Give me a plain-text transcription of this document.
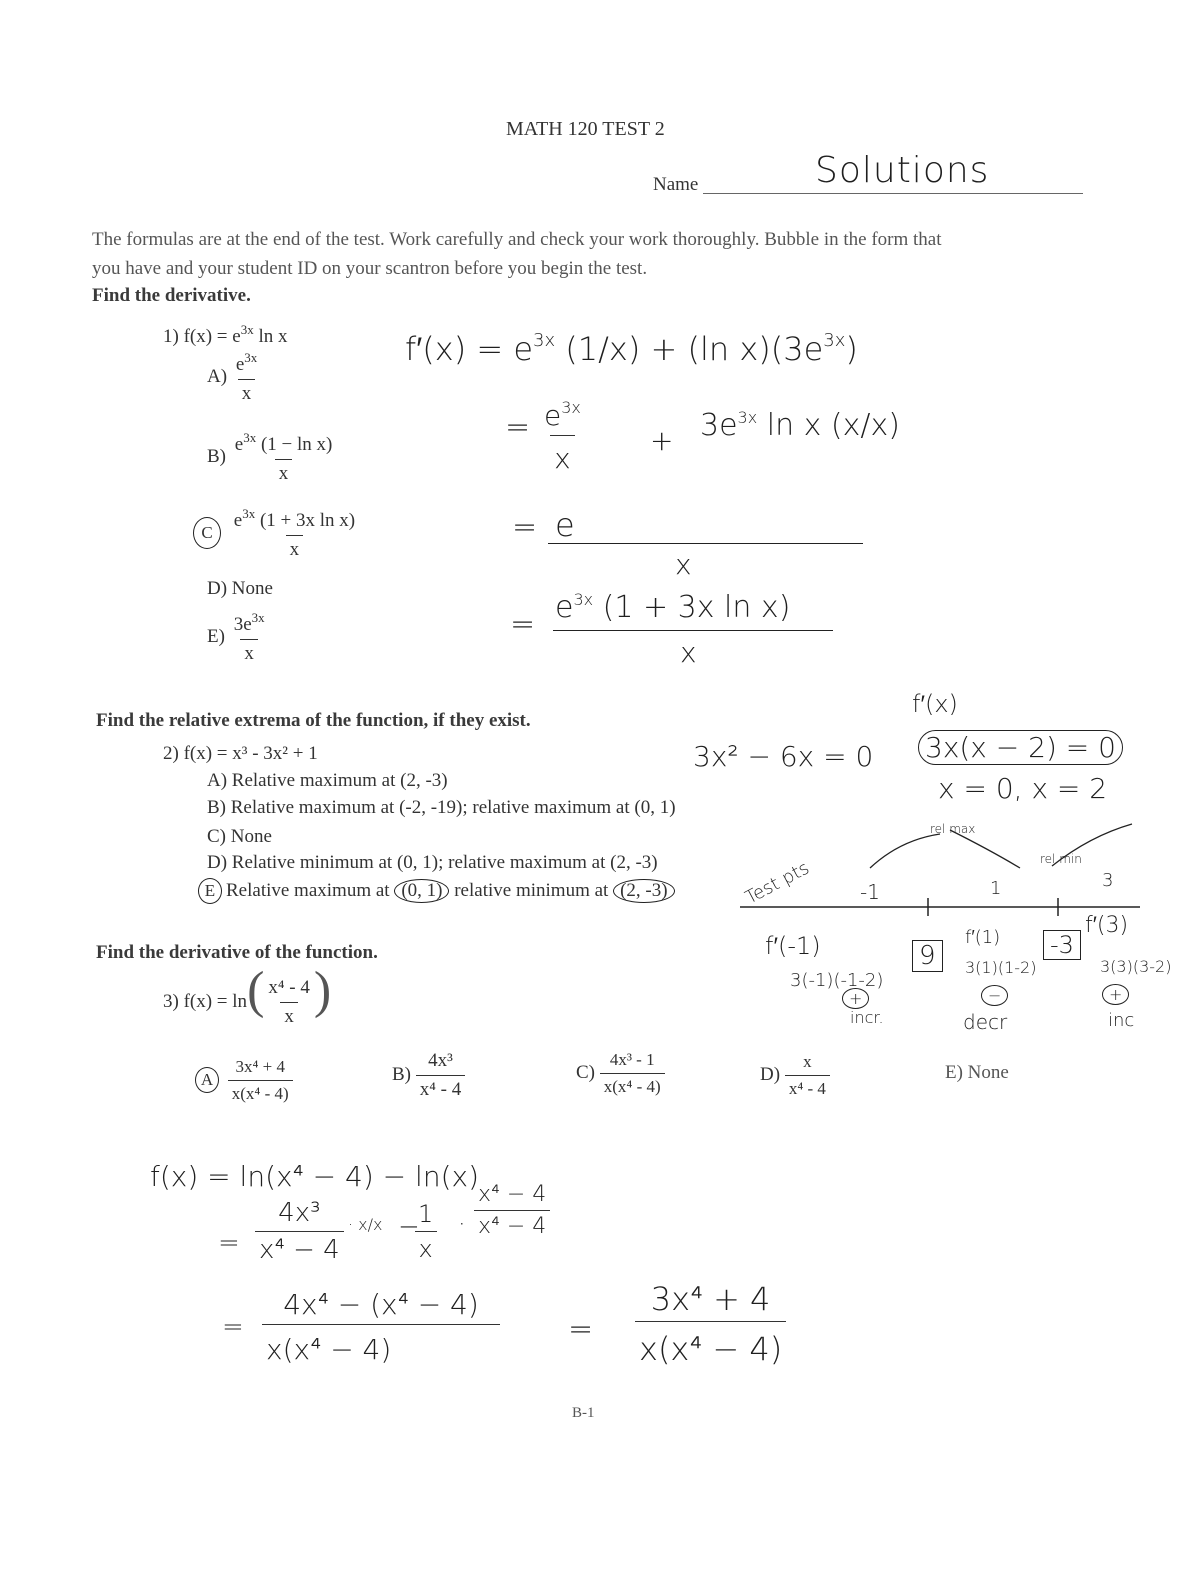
MATH 120 TEST 2
Name	Solutions
The formulas are at the end of the test. Work carefully and check your work thoroughly. Bubble in the form that
you have and your student ID on your scantron before you begin the test.
Find the derivative.
1) $f(x) = e^{3x}$ ln x
$A) \frac{e^{3x}}{x}$
$B) \frac{e^{3x} (1 - \ln x)}{x}$
C $\frac{e^{3x} (1 + 3x \ln x)}{x}$
D) None
$E) \frac{3e^{3x}}{x}$
$f'(x) = e^{3x}$ (1/x) + (ln $x)(3e^{3x})$
= $\frac{e^{3x}}{x} + 3e^{3x}$ ln x (x/x)
= e
x
= $e^{3x}$ (1 + 3x ln x)
x
Find the relative extrema of the function, if they exist.
2) f(x) = x³ - 3x² + 1
A) Relative maximum at (2, -3)
B) Relative maximum at (-2, -19); relative maximum at (0, 1)
C) None
D) Relative minimum at (0, 1); relative maximum at (2, -3)
E Relative maximum at (0, 1) relative minimum at (2, -3)
3x² − 6x = 0
f′(x)
3x(x − 2) = 0
x = 0, x = 2
rel max
rel min
Test pts -1	1	3
f′(-1)
3(-1)(-1-2)
9
+
incr.
f′(1)
3(1)(1-2)
-3
−
decr
f′(3)
3(3)(3-2)
+
inc
Find the derivative of the function.
3) $f(x) = \ln( \frac{\text{x⁴ - 4}}{x}$ )
A $\frac{\text{3x⁴ + 4}}{\text{x(x⁴ - 4)}}$	$B) \frac{\text{4x³}}{\text{x⁴ - 4}}$	$C) \frac{\text{4x³ - 1}}{\text{x(x⁴ - 4)}}$	$D) \frac{x}{\text{x⁴ - 4}}$	E) None
f(x) = ln(x⁴ − 4) − ln(x)
= $\frac{\text{4x³}}{\text{x⁴ − 4}} \cdot x/x$ −
$\frac{1}{x} \cdot \frac{\text{x⁴ − 4}}{\text{x⁴ − 4}}$
= $\frac{\text{4x⁴ − (x⁴ − 4)}}{\text{x(x⁴ − 4)}} = \frac{\text{3x⁴ + 4}}{\text{x(x⁴ − 4)}}$
B-1
